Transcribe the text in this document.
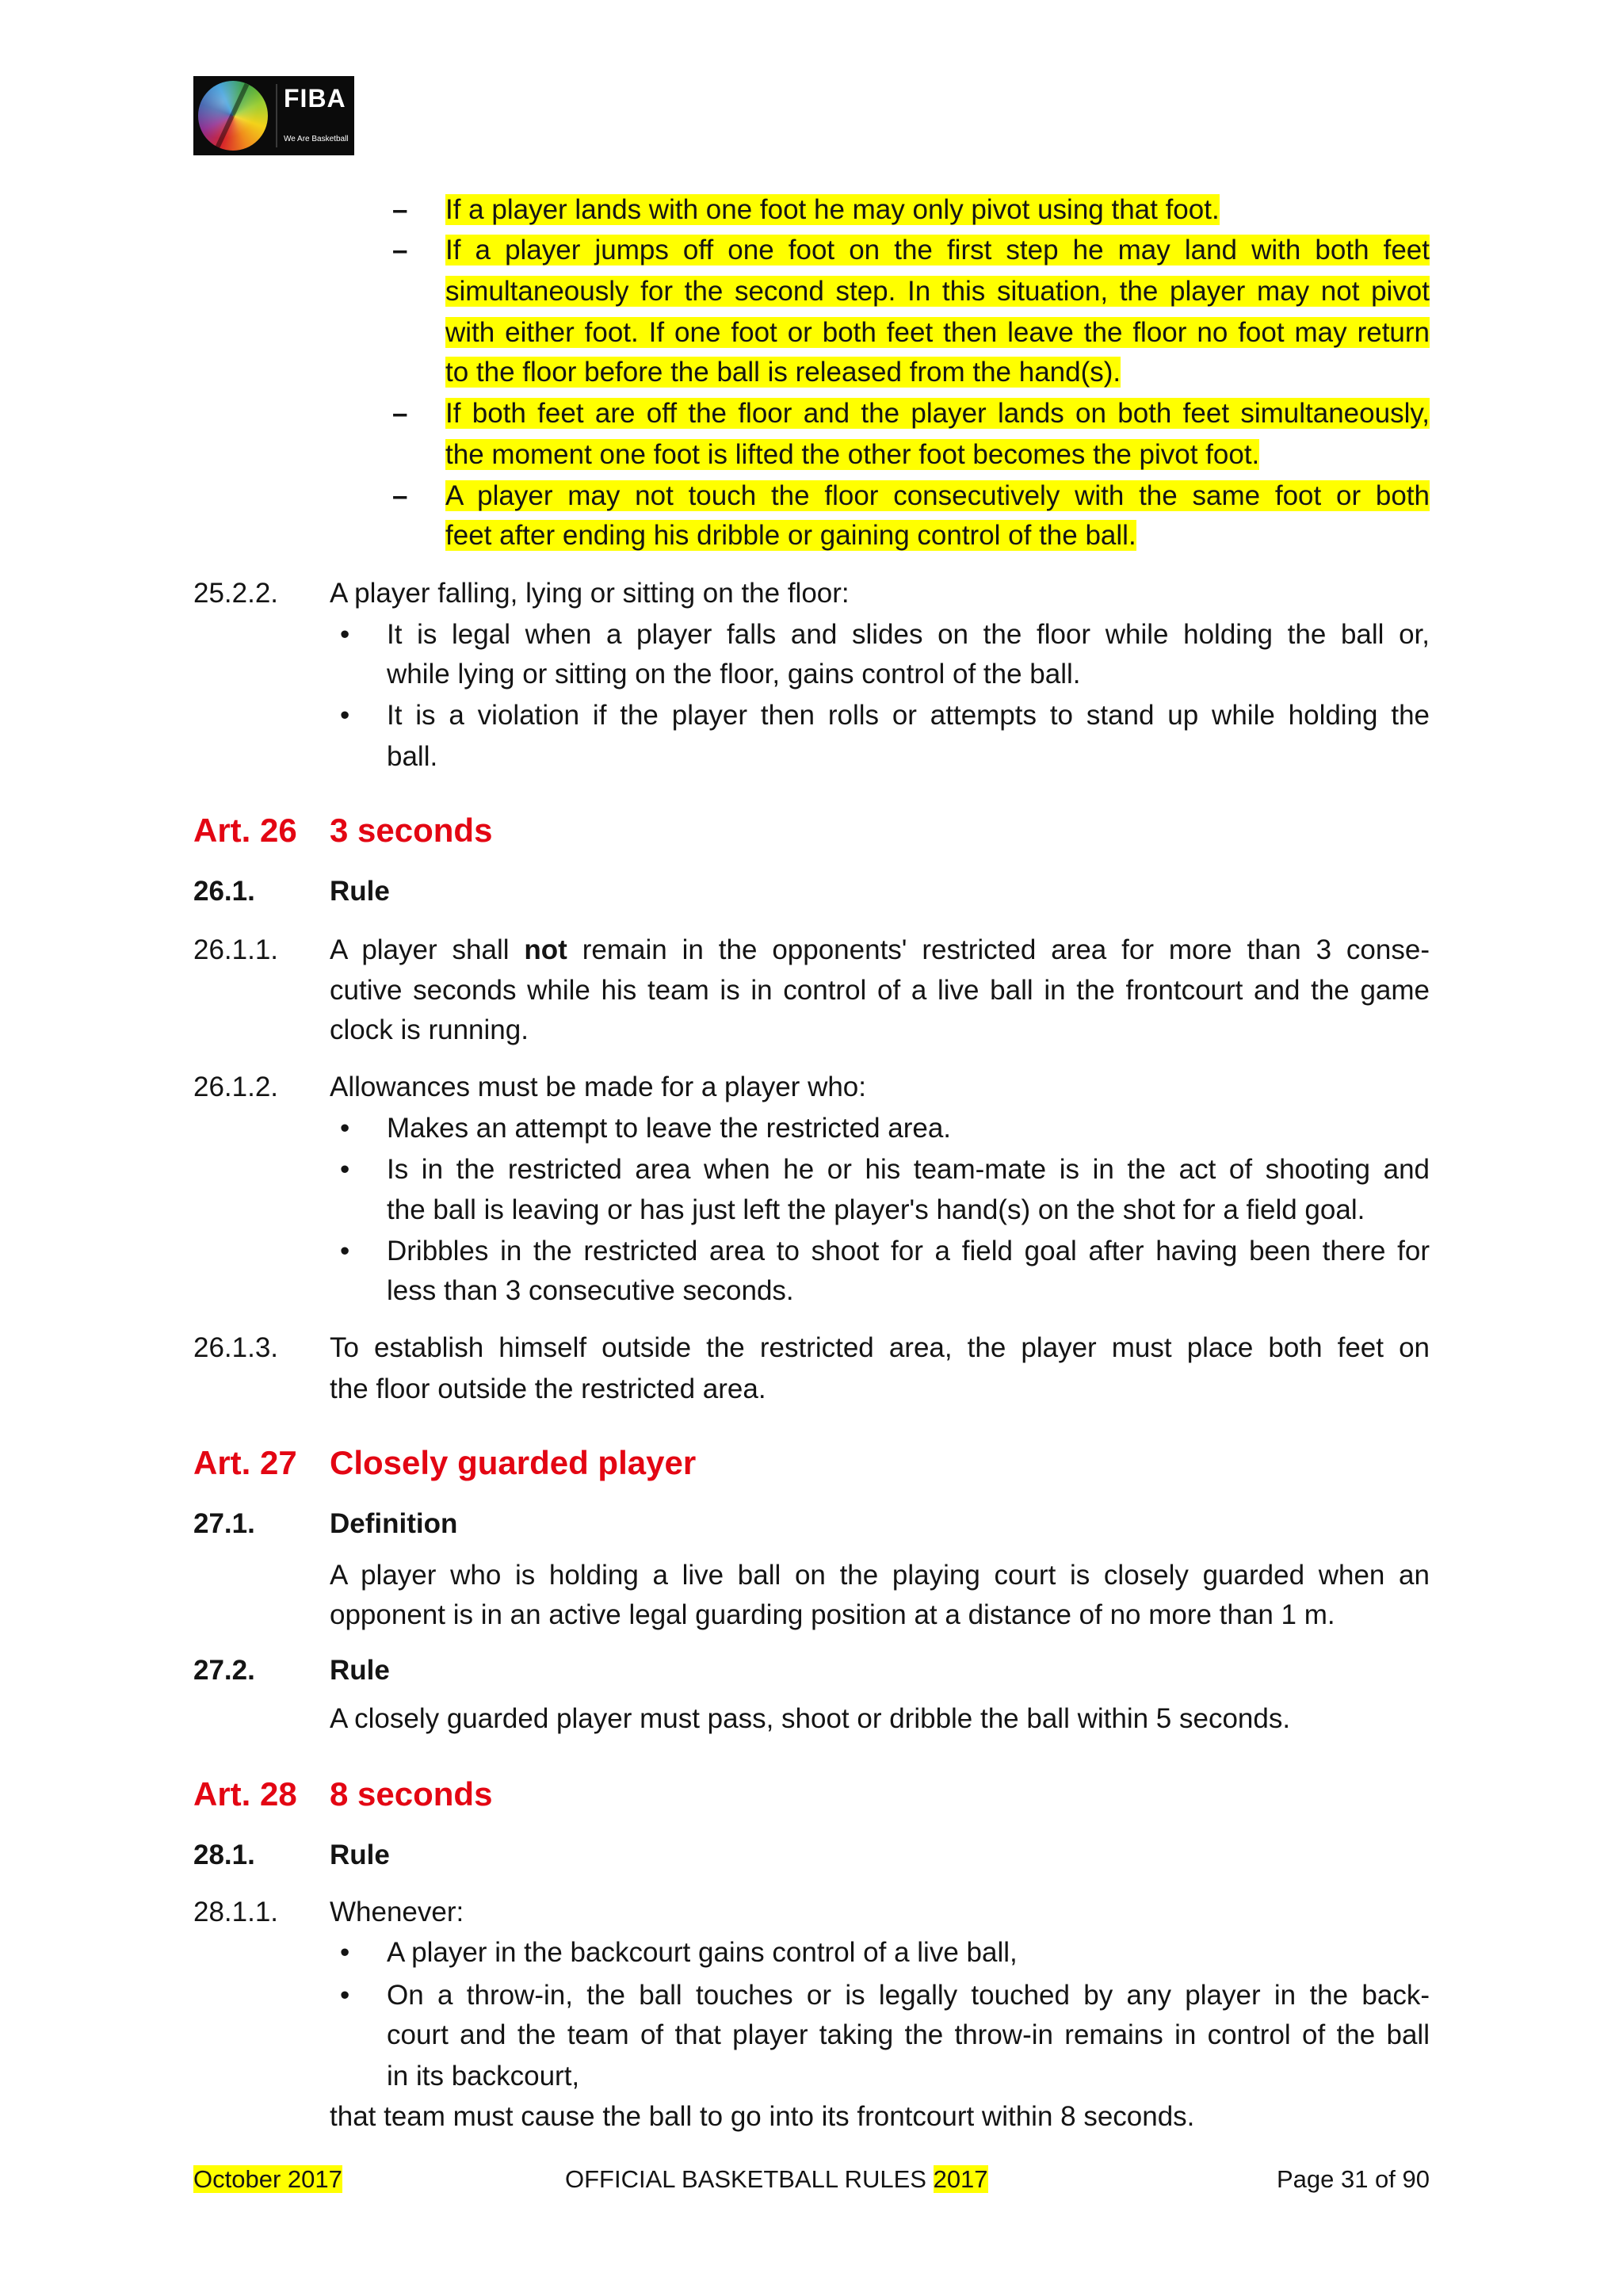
FIBA
We Are Basketball
– If a player lands with one foot he may only pivot using that foot.
– If a player jumps off one foot on the first step he may land with both feet
simultaneously for the second step. In this situation, the player may not pivot
with either foot. If one foot or both feet then leave the floor no foot may return
to the floor before the ball is released from the hand(s).
– If both feet are off the floor and the player lands on both feet simultaneously,
the moment one foot is lifted the other foot becomes the pivot foot.
– A player may not touch the floor consecutively with the same foot or both
feet after ending his dribble or gaining control of the ball.
25.2.2. A player falling, lying or sitting on the floor:
• It is legal when a player falls and slides on the floor while holding the ball or,
while lying or sitting on the floor, gains control of the ball.
• It is a violation if the player then rolls or attempts to stand up while holding the
ball.
Art. 26 3 seconds
26.1.	Rule
26.1.1. A player shall not remain in the opponents' restricted area for more than 3 conse-
cutive seconds while his team is in control of a live ball in the frontcourt and the game
clock is running.
26.1.2. Allowances must be made for a player who:
• Makes an attempt to leave the restricted area.
• Is in the restricted area when he or his team-mate is in the act of shooting and
the ball is leaving or has just left the player's hand(s) on the shot for a field goal.
• Dribbles in the restricted area to shoot for a field goal after having been there for
less than 3 consecutive seconds.
26.1.3. To establish himself outside the restricted area, the player must place both feet on
the floor outside the restricted area.
Art. 27 Closely guarded player
27.1.	Definition
A player who is holding a live ball on the playing court is closely guarded when an
opponent is in an active legal guarding position at a distance of no more than 1 m.
27.2.	Rule
A closely guarded player must pass, shoot or dribble the ball within 5 seconds.
Art. 28 8 seconds
28.1.	Rule
28.1.1. Whenever:
• A player in the backcourt gains control of a live ball,
• On a throw-in, the ball touches or is legally touched by any player in the back-
court and the team of that player taking the throw-in remains in control of the ball
in its backcourt,
that team must cause the ball to go into its frontcourt within 8 seconds.
October 2017	OFFICIAL BASKETBALL RULES 2017	Page 31 of 90
